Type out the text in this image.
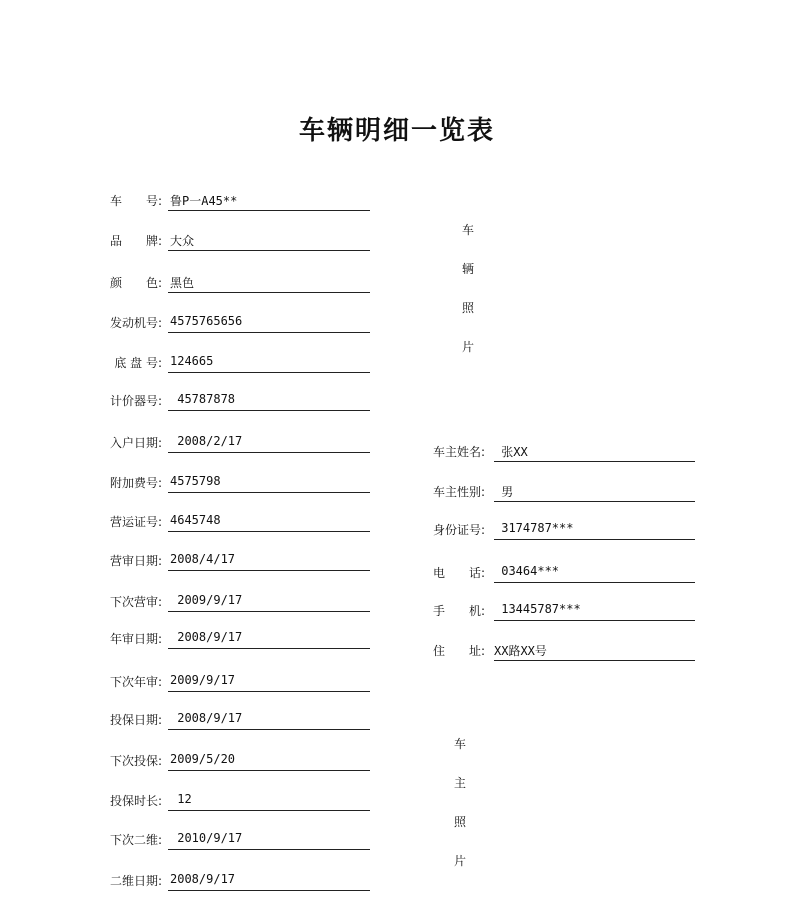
车辆明细一览表
车　　号: 鲁P一A45**
品　　牌: 大众
颜　　色: 黑色
发动机号: 4575765656
底 盘 号: 124665
计价器号: 45787878
入户日期: 2008/2/17
附加费号: 4575798
营运证号: 4645748
营审日期: 2008/4/17
下次营审: 2009/9/17
年审日期: 2008/9/17
下次年审: 2009/9/17
投保日期: 2008/9/17
下次投保: 2009/5/20
投保时长: 12
下次二维: 2010/9/17
二维日期: 2008/9/17
车主姓名: 张XX
车主性别: 男
身份证号: 3174787***
电　　话: 03464***
手　　机: 13445787***
住　　址: XX路XX号
车
辆
照
片
车
主
照
片
